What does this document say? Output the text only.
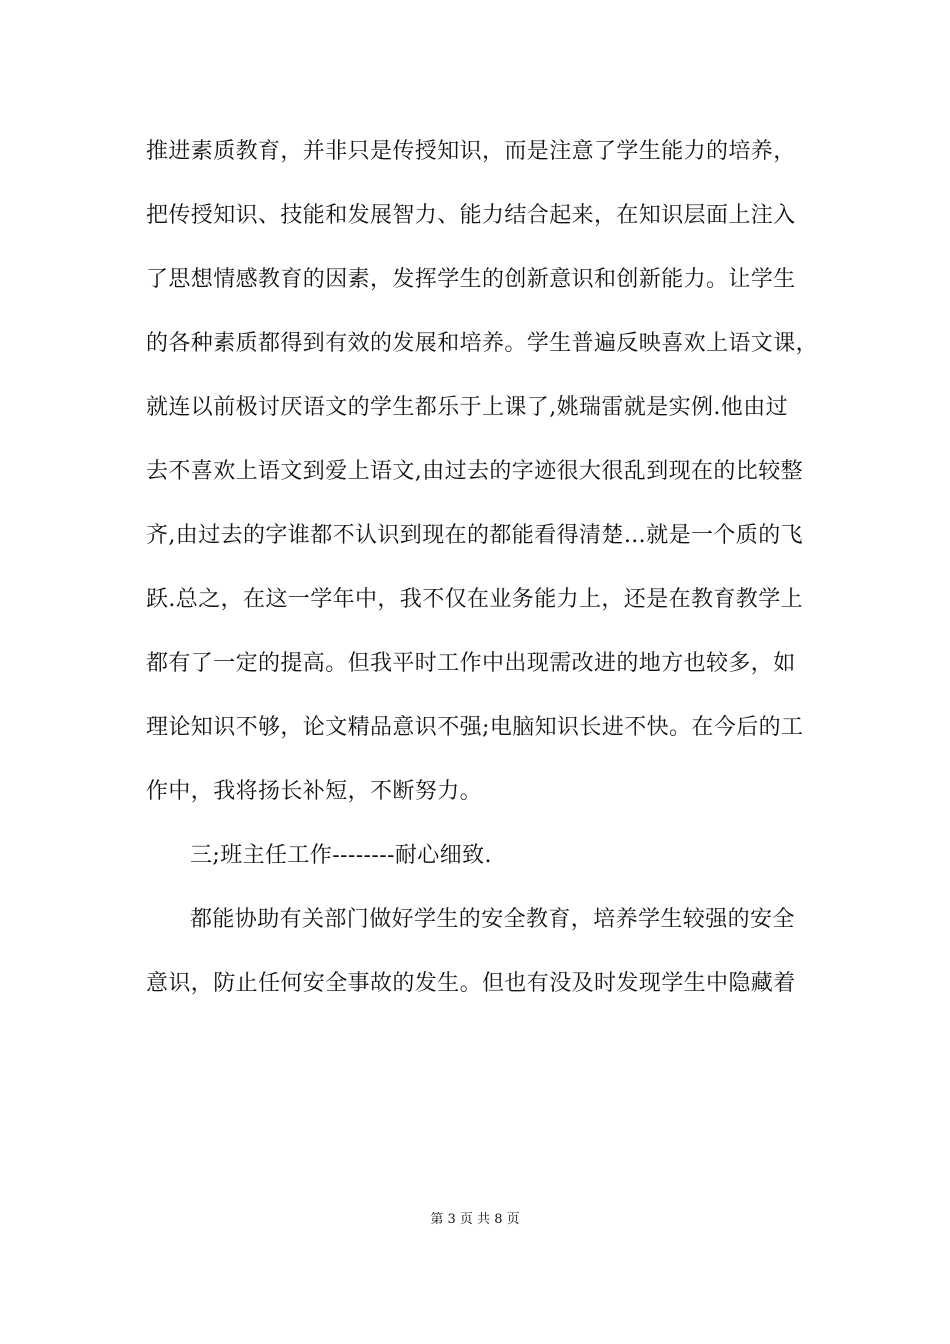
推进素质教育，并非只是传授知识，而是注意了学生能力的培养，
把传授知识、技能和发展智力、能力结合起来，在知识层面上注入
了思想情感教育的因素，发挥学生的创新意识和创新能力。让学生
的各种素质都得到有效的发展和培养。学生普遍反映喜欢上语文课，
就连以前极讨厌语文的学生都乐于上课了,姚瑞雷就是实例.他由过
去不喜欢上语文到爱上语文,由过去的字迹很大很乱到现在的比较整
齐,由过去的字谁都不认识到现在的都能看得清楚…就是一个质的飞
跃.总之，在这一学年中，我不仅在业务能力上，还是在教育教学上
都有了一定的提高。但我平时工作中出现需改进的地方也较多，如
理论知识不够，论文精品意识不强;电脑知识长进不快。在今后的工
作中，我将扬长补短，不断努力。
三;班主任工作--------耐心细致.
都能协助有关部门做好学生的安全教育，培养学生较强的安全
意识，防止任何安全事故的发生。但也有没及时发现学生中隐藏着
第 3 页 共 8 页
